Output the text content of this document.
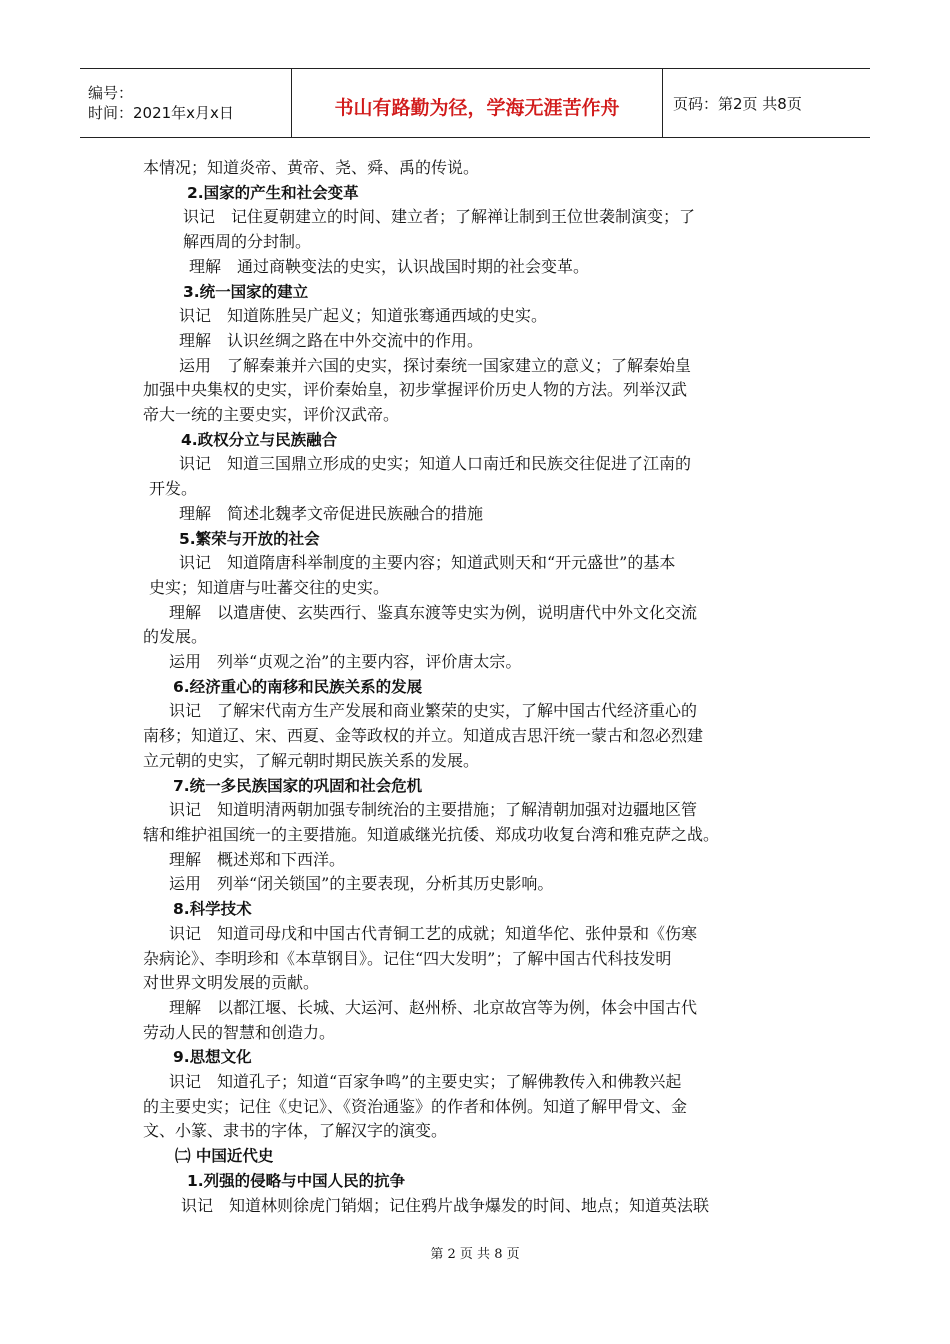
编号：
时间：2021年x月x日	书山有路勤为径，学海无涯苦作舟	页码：第2页 共8页

本情况；知道炎帝、黄帝、尧、舜、禹的传说。

2.国家的产生和社会变革

识记　记住夏朝建立的时间、建立者；了解禅让制到王位世袭制演变；了

解西周的分封制。

理解　通过商鞅变法的史实，认识战国时期的社会变革。

3.统一国家的建立

识记　知道陈胜吴广起义；知道张骞通西域的史实。

理解　认识丝绸之路在中外交流中的作用。

运用　了解秦兼并六国的史实，探讨秦统一国家建立的意义；了解秦始皇

加强中央集权的史实，评价秦始皇，初步掌握评价历史人物的方法。列举汉武

帝大一统的主要史实，评价汉武帝。

4.政权分立与民族融合

识记　知道三国鼎立形成的史实；知道人口南迁和民族交往促进了江南的

开发。

理解　简述北魏孝文帝促进民族融合的措施

5.繁荣与开放的社会

识记　知道隋唐科举制度的主要内容；知道武则天和“开元盛世”的基本

史实；知道唐与吐蕃交往的史实。

理解　以遣唐使、玄奘西行、鉴真东渡等史实为例，说明唐代中外文化交流

的发展。

运用　列举“贞观之治”的主要内容，评价唐太宗。

6.经济重心的南移和民族关系的发展

识记　了解宋代南方生产发展和商业繁荣的史实，了解中国古代经济重心的

南移；知道辽、宋、西夏、金等政权的并立。知道成吉思汗统一蒙古和忽必烈建

立元朝的史实，了解元朝时期民族关系的发展。

7.统一多民族国家的巩固和社会危机

识记　知道明清两朝加强专制统治的主要措施；了解清朝加强对边疆地区管

辖和维护祖国统一的主要措施。知道戚继光抗倭、郑成功收复台湾和雅克萨之战。

理解　概述郑和下西洋。

运用　列举“闭关锁国”的主要表现，分析其历史影响。

8.科学技术

识记　知道司母戊和中国古代青铜工艺的成就；知道华佗、张仲景和《伤寒

杂病论》、李明珍和《本草钢目》。记住“四大发明”；了解中国古代科技发明

对世界文明发展的贡献。

理解　以都江堰、长城、大运河、赵州桥、北京故宫等为例，体会中国古代

劳动人民的智慧和创造力。

9.思想文化

识记　知道孔子；知道“百家争鸣”的主要史实；了解佛教传入和佛教兴起

的主要史实；记住《史记》、《资治通鉴》的作者和体例。知道了解甲骨文、金

文、小篆、隶书的字体，了解汉字的演变。

㈡ 中国近代史

1.列强的侵略与中国人民的抗争

识记　知道林则徐虎门销烟；记住鸦片战争爆发的时间、地点；知道英法联

第 2 页 共 8 页
